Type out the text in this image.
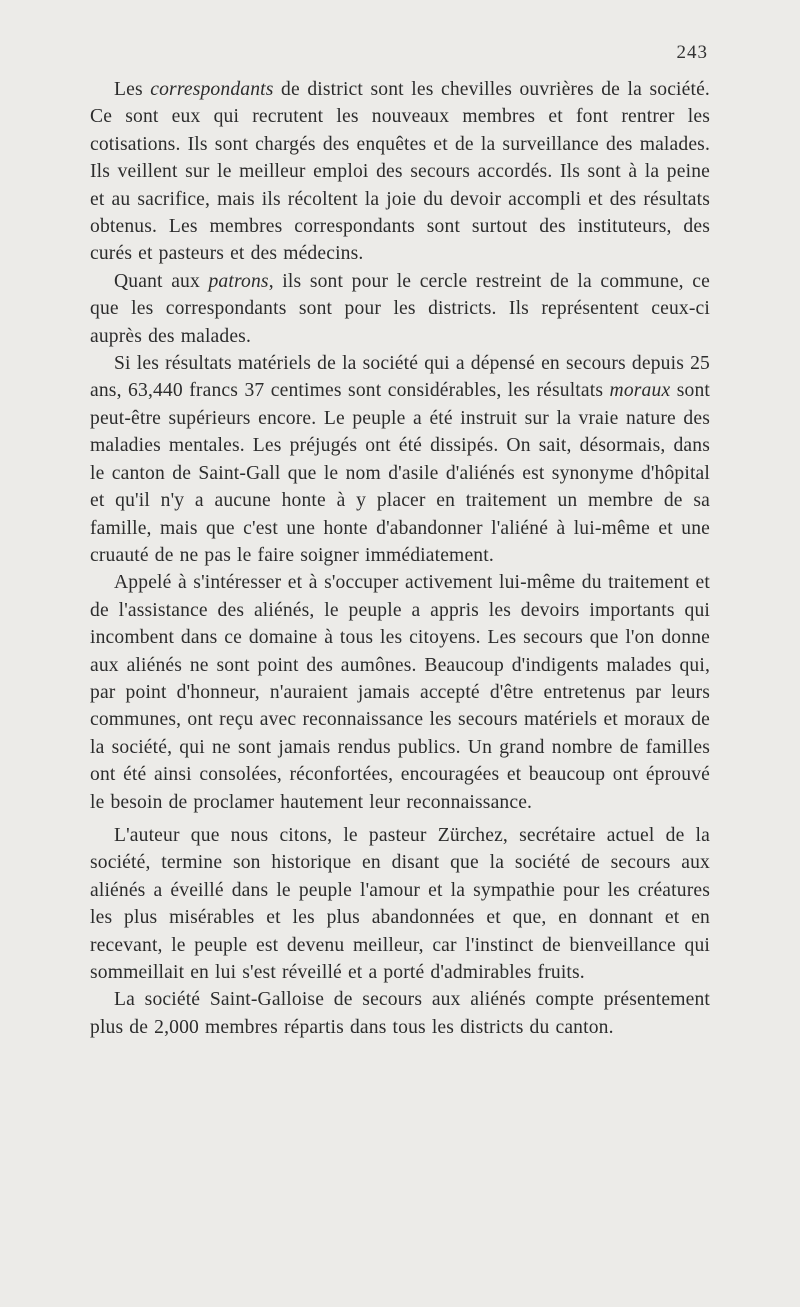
243

Les correspondants de district sont les chevilles ouvrières de la société. Ce sont eux qui recrutent les nouveaux membres et font rentrer les cotisations. Ils sont chargés des enquêtes et de la surveillance des malades. Ils veillent sur le meilleur emploi des secours accordés. Ils sont à la peine et au sacrifice, mais ils récoltent la joie du devoir accompli et des résultats obtenus. Les membres correspondants sont surtout des instituteurs, des curés et pasteurs et des médecins.

Quant aux patrons, ils sont pour le cercle restreint de la commune, ce que les correspondants sont pour les districts. Ils représentent ceux-ci auprès des malades.

Si les résultats matériels de la société qui a dépensé en secours depuis 25 ans, 63,440 francs 37 centimes sont considérables, les résultats moraux sont peut-être supérieurs encore. Le peuple a été instruit sur la vraie nature des maladies mentales. Les préjugés ont été dissipés. On sait, désormais, dans le canton de Saint-Gall que le nom d'asile d'aliénés est synonyme d'hôpital et qu'il n'y a aucune honte à y placer en traitement un membre de sa famille, mais que c'est une honte d'abandonner l'aliéné à lui-même et une cruauté de ne pas le faire soigner immédiatement.

Appelé à s'intéresser et à s'occuper activement lui-même du traitement et de l'assistance des aliénés, le peuple a appris les devoirs importants qui incombent dans ce domaine à tous les citoyens. Les secours que l'on donne aux aliénés ne sont point des aumônes. Beaucoup d'indigents malades qui, par point d'honneur, n'auraient jamais accepté d'être entretenus par leurs communes, ont reçu avec reconnaissance les secours matériels et moraux de la société, qui ne sont jamais rendus publics. Un grand nombre de familles ont été ainsi consolées, réconfortées, encouragées et beaucoup ont éprouvé le besoin de proclamer hautement leur reconnaissance.

L'auteur que nous citons, le pasteur Zürchez, secrétaire actuel de la société, termine son historique en disant que la société de secours aux aliénés a éveillé dans le peuple l'amour et la sympathie pour les créatures les plus misérables et les plus abandonnées et que, en donnant et en recevant, le peuple est devenu meilleur, car l'instinct de bienveillance qui sommeillait en lui s'est réveillé et a porté d'admirables fruits.

La société Saint-Galloise de secours aux aliénés compte présentement plus de 2,000 membres répartis dans tous les districts du canton.
